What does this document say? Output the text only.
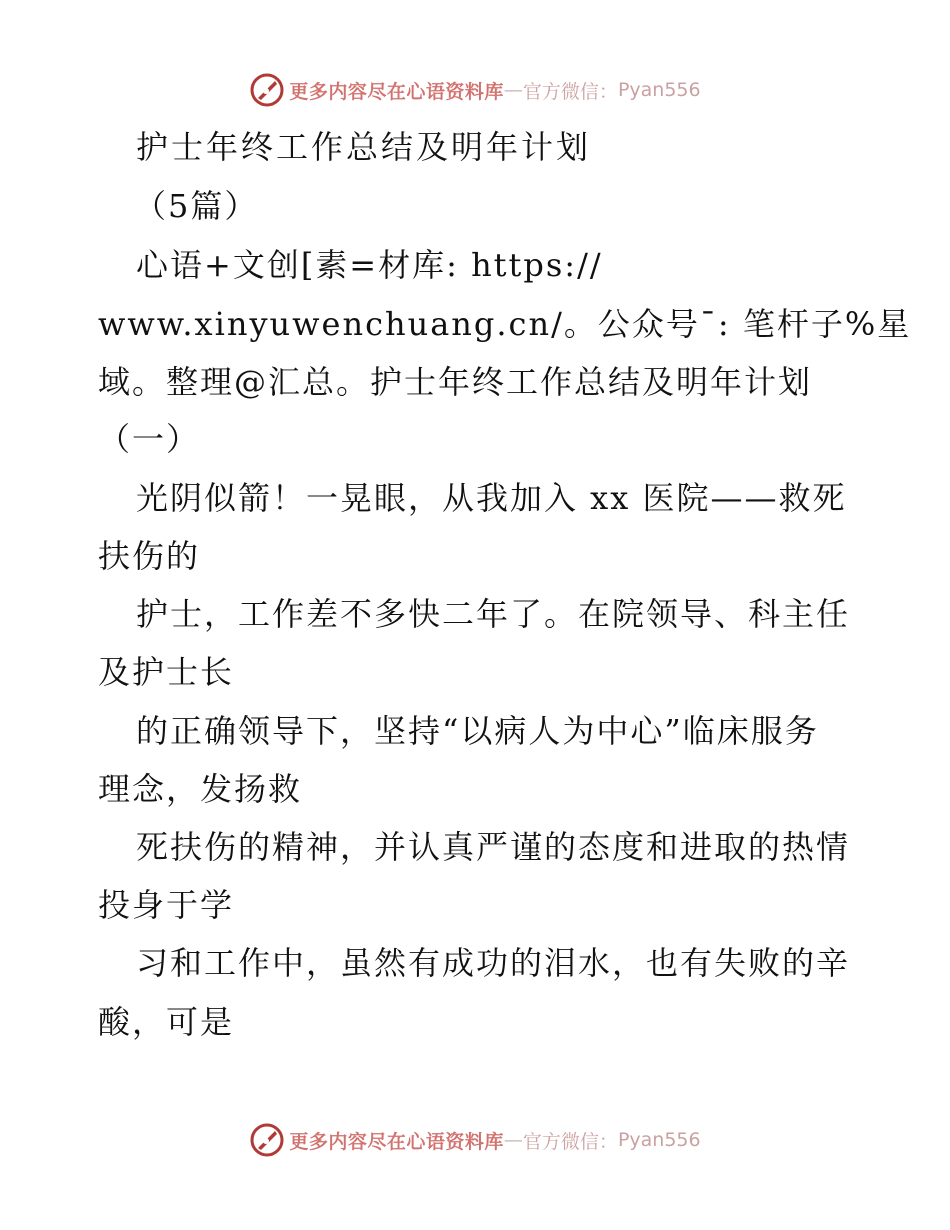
更多内容尽在心语资料库 — 官方微信： Pyan556
护士年终工作总结及明年计划
（5篇）
心语+文创[素=材库: https://
www.xinyuwenchuang.cn/。公众号¯: 笔杆子%星
域。整理@汇总。护士年终工作总结及明年计划
（一）
光阴似箭！一晃眼，从我加入 xx 医院——救死
扶伤的
护士，工作差不多快二年了。在院领导、科主任
及护士长
的正确领导下，坚持“以病人为中心”临床服务
理念，发扬救
死扶伤的精神，并认真严谨的态度和进取的热情
投身于学
习和工作中，虽然有成功的泪水，也有失败的辛
酸，可是
更多内容尽在心语资料库 — 官方微信： Pyan556
